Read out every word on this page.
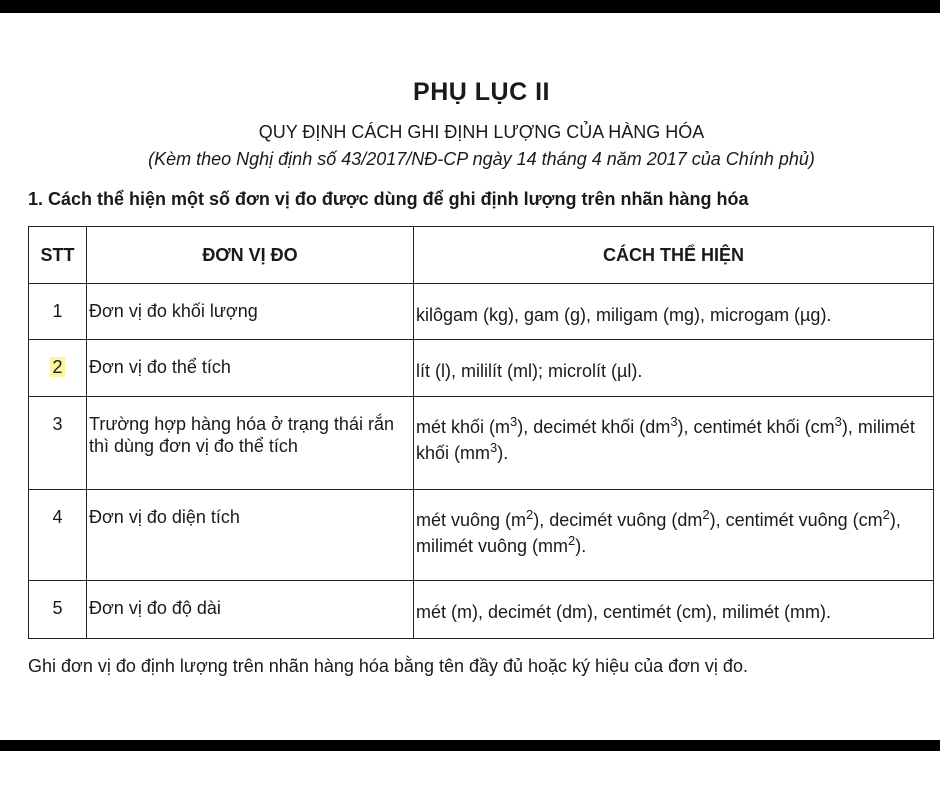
PHỤ LỤC II

QUY ĐỊNH CÁCH GHI ĐỊNH LƯỢNG CỦA HÀNG HÓA

(Kèm theo Nghị định số 43/2017/NĐ-CP ngày 14 tháng 4 năm 2017 của Chính phủ)

1. Cách thể hiện một số đơn vị đo được dùng để ghi định lượng trên nhãn hàng hóa

STT	ĐƠN VỊ ĐO	CÁCH THỂ HIỆN
1	Đơn vị đo khối lượng	kilôgam (kg), gam (g), miligam (mg), microgam (µg).
2	Đơn vị đo thể tích	lít (l), mililít (ml); microlít (µl).
3	Trường hợp hàng hóa ở trạng thái rắn thì dùng đơn vị đo thể tích	mét khối $(m^3)$, decimét khối $(dm^3)$, centimét khối $(cm^3)$, milimét khối $(mm^3)$.
4	Đơn vị đo diện tích	mét vuông $(m^2)$, decimét vuông $(dm^2)$, centimét vuông $(cm^2)$, milimét vuông $(mm^2)$.
5	Đơn vị đo độ dài	mét (m), decimét (dm), centimét (cm), milimét (mm).

Ghi đơn vị đo định lượng trên nhãn hàng hóa bằng tên đầy đủ hoặc ký hiệu của đơn vị đo.
